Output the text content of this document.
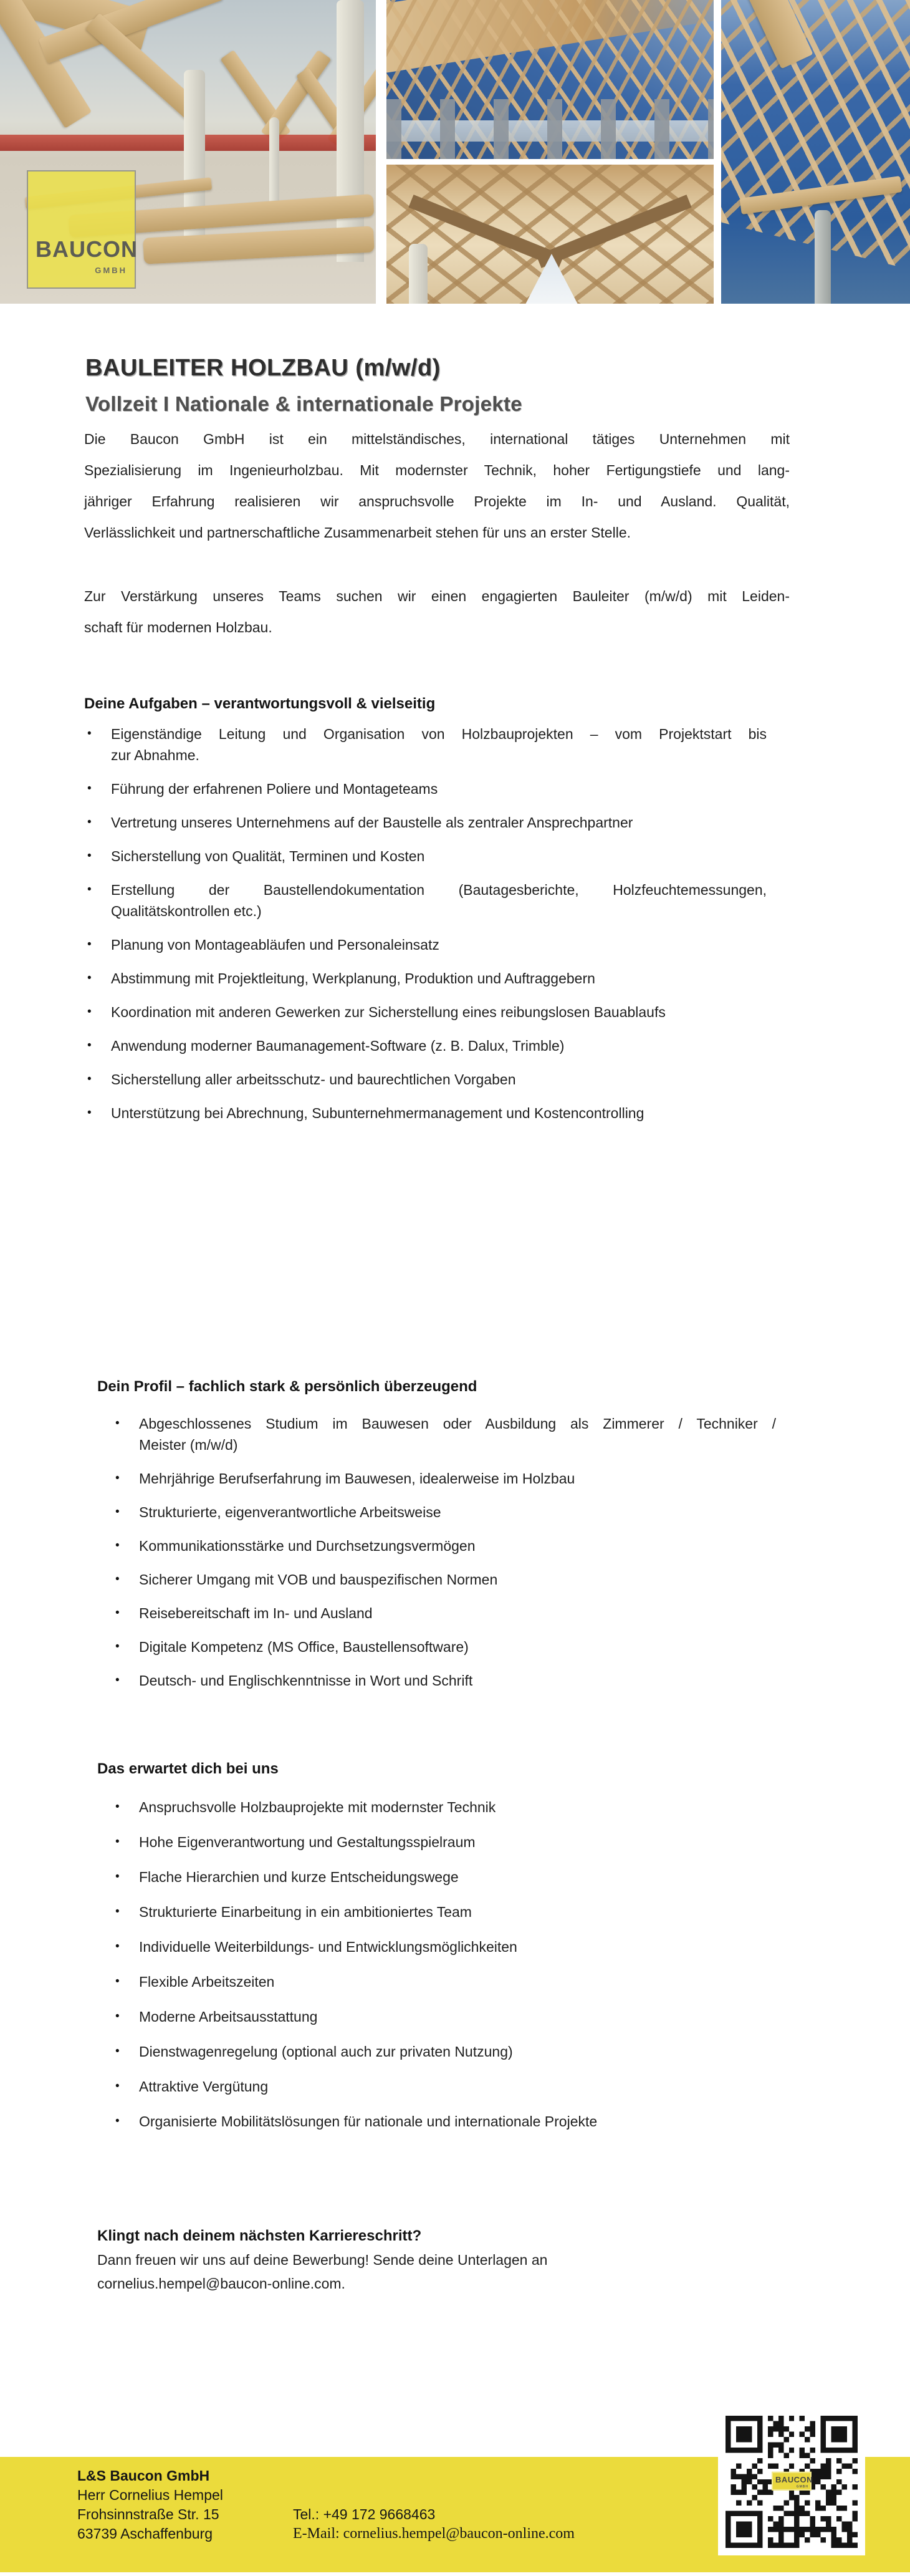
BAUCON
GMBH
BAULEITER HOLZBAU (m/w/d)
Vollzeit I Nationale & internationale Projekte
Die Baucon GmbH ist ein mittelständisches, international tätiges Unternehmen mit
Spezialisierung im Ingenieurholzbau. Mit modernster Technik, hoher Fertigungstiefe und lang-
jähriger Erfahrung realisieren wir anspruchsvolle Projekte im In- und Ausland. Qualität,
Verlässlichkeit und partnerschaftliche Zusammenarbeit stehen für uns an erster Stelle.
Zur Verstärkung unseres Teams suchen wir einen engagierten Bauleiter (m/w/d) mit Leiden-
schaft für modernen Holzbau.
Deine Aufgaben – verantwortungsvoll & vielseitig
•	Eigenständige Leitung und Organisation von Holzbauprojekten – vom Projektstart bis
zur Abnahme.
•	Führung der erfahrenen Poliere und Montageteams
•	Vertretung unseres Unternehmens auf der Baustelle als zentraler Ansprechpartner
•	Sicherstellung von Qualität, Terminen und Kosten
•	Erstellung der Baustellendokumentation (Bautagesberichte, Holzfeuchtemessungen,
Qualitätskontrollen etc.)
•	Planung von Montageabläufen und Personaleinsatz
•	Abstimmung mit Projektleitung, Werkplanung, Produktion und Auftraggebern
•	Koordination mit anderen Gewerken zur Sicherstellung eines reibungslosen Bauablaufs
•	Anwendung moderner Baumanagement-Software (z. B. Dalux, Trimble)
•	Sicherstellung aller arbeitsschutz- und baurechtlichen Vorgaben
•	Unterstützung bei Abrechnung, Subunternehmermanagement und Kostencontrolling
Dein Profil – fachlich stark & persönlich überzeugend
•	Abgeschlossenes Studium im Bauwesen oder Ausbildung als Zimmerer / Techniker /
Meister (m/w/d)
•	Mehrjährige Berufserfahrung im Bauwesen, idealerweise im Holzbau
•	Strukturierte, eigenverantwortliche Arbeitsweise
•	Kommunikationsstärke und Durchsetzungsvermögen
•	Sicherer Umgang mit VOB und bauspezifischen Normen
•	Reisebereitschaft im In- und Ausland
•	Digitale Kompetenz (MS Office, Baustellensoftware)
•	Deutsch- und Englischkenntnisse in Wort und Schrift
Das erwartet dich bei uns
•	Anspruchsvolle Holzbauprojekte mit modernster Technik
•	Hohe Eigenverantwortung und Gestaltungsspielraum
•	Flache Hierarchien und kurze Entscheidungswege
•	Strukturierte Einarbeitung in ein ambitioniertes Team
•	Individuelle Weiterbildungs- und Entwicklungsmöglichkeiten
•	Flexible Arbeitszeiten
•	Moderne Arbeitsausstattung
•	Dienstwagenregelung (optional auch zur privaten Nutzung)
•	Attraktive Vergütung
•	Organisierte Mobilitätslösungen für nationale und internationale Projekte
Klingt nach deinem nächsten Karriereschritt?
Dann freuen wir uns auf deine Bewerbung! Sende deine Unterlagen an
cornelius.hempel@baucon-online.com.
L&S Baucon GmbH
Herr Cornelius Hempel
Frohsinnstraße Str. 15	Tel.: +49 172 9668463
63739 Aschaffenburg	E-Mail: cornelius.hempel@baucon-online.com
BAUCON
GMBH
